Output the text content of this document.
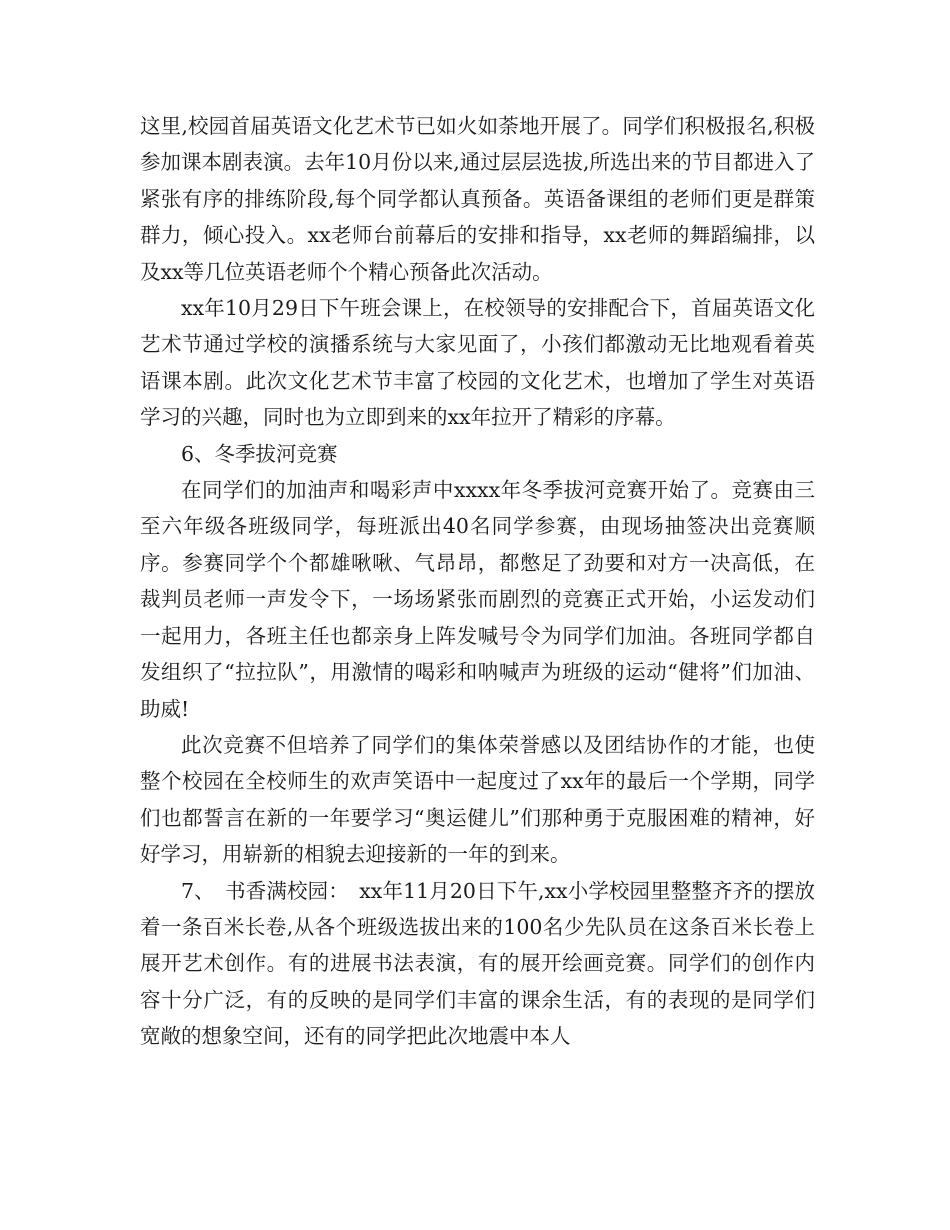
这里,校园首届英语文化艺术节已如火如荼地开展了。同学们积极报名,积极参加课本剧表演。去年10月份以来,通过层层选拔,所选出来的节目都进入了紧张有序的排练阶段,每个同学都认真预备。英语备课组的老师们更是群策群力，倾心投入。xx老师台前幕后的安排和指导，xx老师的舞蹈编排，以及xx等几位英语老师个个精心预备此次活动。

xx年10月29日下午班会课上，在校领导的安排配合下，首届英语文化艺术节通过学校的演播系统与大家见面了，小孩们都激动无比地观看着英语课本剧。此次文化艺术节丰富了校园的文化艺术，也增加了学生对英语学习的兴趣，同时也为立即到来的xx年拉开了精彩的序幕。

6、冬季拔河竞赛

在同学们的加油声和喝彩声中xxxx年冬季拔河竞赛开始了。竞赛由三至六年级各班级同学，每班派出40名同学参赛，由现场抽签决出竞赛顺序。参赛同学个个都雄啾啾、气昂昂，都憋足了劲要和对方一决高低，在裁判员老师一声发令下，一场场紧张而剧烈的竞赛正式开始，小运发动们一起用力，各班主任也都亲身上阵发喊号令为同学们加油。各班同学都自发组织了“拉拉队”，用激情的喝彩和呐喊声为班级的运动“健将”们加油、助威!

此次竞赛不但培养了同学们的集体荣誉感以及团结协作的才能，也使整个校园在全校师生的欢声笑语中一起度过了xx年的最后一个学期，同学们也都誓言在新的一年要学习“奥运健儿”们那种勇于克服困难的精神，好好学习，用崭新的相貌去迎接新的一年的到来。

7、　书香满校园：　xx年11月20日下午,xx小学校园里整整齐齐的摆放着一条百米长卷,从各个班级选拔出来的100名少先队员在这条百米长卷上展开艺术创作。有的进展书法表演，有的展开绘画竞赛。同学们的创作内容十分广泛，有的反映的是同学们丰富的课余生活，有的表现的是同学们宽敞的想象空间，还有的同学把此次地震中本人
